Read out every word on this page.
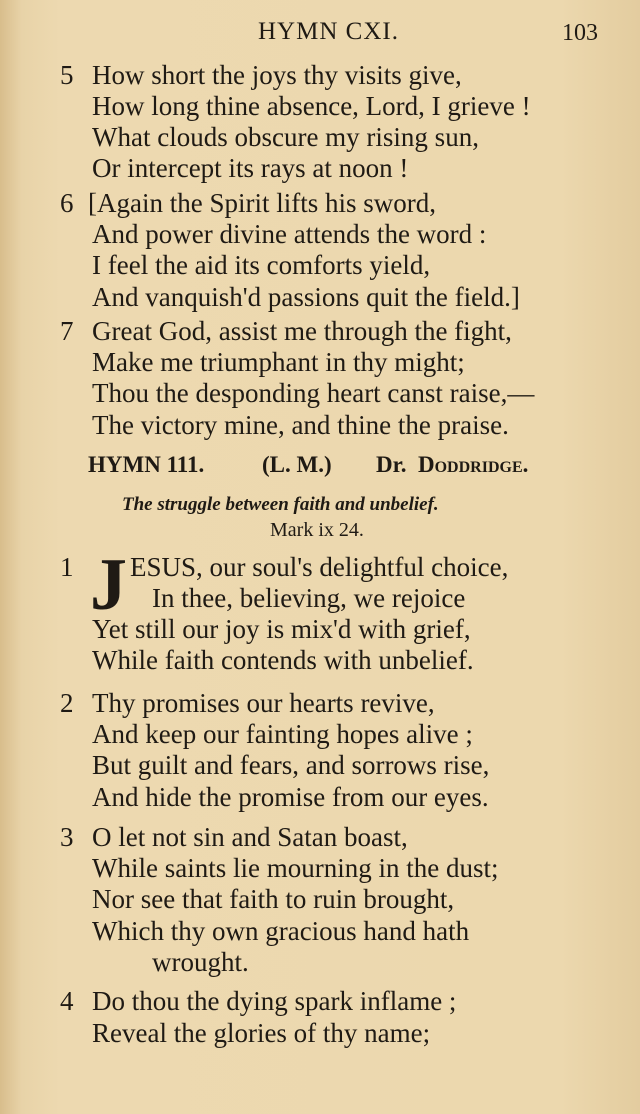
HYMN CXI.	103
5 How short the joys thy visits give,
How long thine absence, Lord, I grieve !
What clouds obscure my rising sun,
Or intercept its rays at noon !
6 [Again the Spirit lifts his sword,
And power divine attends the word :
I feel the aid its comforts yield,
And vanquish'd passions quit the field.]
7 Great God, assist me through the fight,
Make me triumphant in thy might;
Thou the desponding heart canst raise,—
The victory mine, and thine the praise.
HYMN 111.	(L. M.) Dr. Doddridge.
The struggle between faith and unbelief.
Mark ix 24.
1 ESUS, our soul's delightful choice,
In thee, believing, we rejoice
Yet still our joy is mix'd with grief,
While faith contends with unbelief.
J
2 Thy promises our hearts revive,
And keep our fainting hopes alive ;
But guilt and fears, and sorrows rise,
And hide the promise from our eyes.
3 O let not sin and Satan boast,
While saints lie mourning in the dust;
Nor see that faith to ruin brought,
Which thy own gracious hand hath
wrought.
4 Do thou the dying spark inflame ;
Reveal the glories of thy name;
